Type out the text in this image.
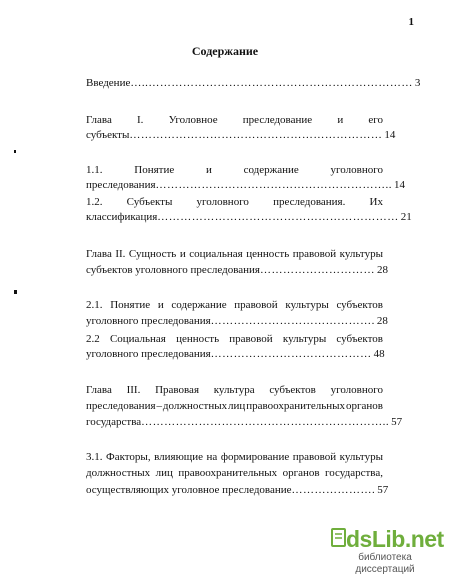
1
Содержание
Введение …..…………………………………………………………… 3
Глава I. Уголовное преследование и его
субъекты ………………………………………………………… 14
1.1.	Понятие	и	содержание	уголовного
преследования …………………………………………………….. 14
1.2. Субъекты уголовного преследования. Их
классификация ……………………………………………………… 21
Глава II. Сущность и социальная ценность правовой культуры
субъектов уголовного преследования ………………………… 28
2.1. Понятие и содержание правовой культуры субъектов
уголовного преследования ……………………………………. 28
2.2 Социальная ценность правовой культуры субъектов
уголовного преследования …………………………………… 48
Глава III. Правовая культура субъектов уголовного
преследования – должностных лиц правоохранительных органов
государства ……………………………………………………….. 57
3.1. Факторы, влияющие на формирование правовой культуры
должностных лиц правоохранительных органов государства,
осуществляющих уголовное преследование …………………. 57
dsLib.net
библиотека диссертаций
